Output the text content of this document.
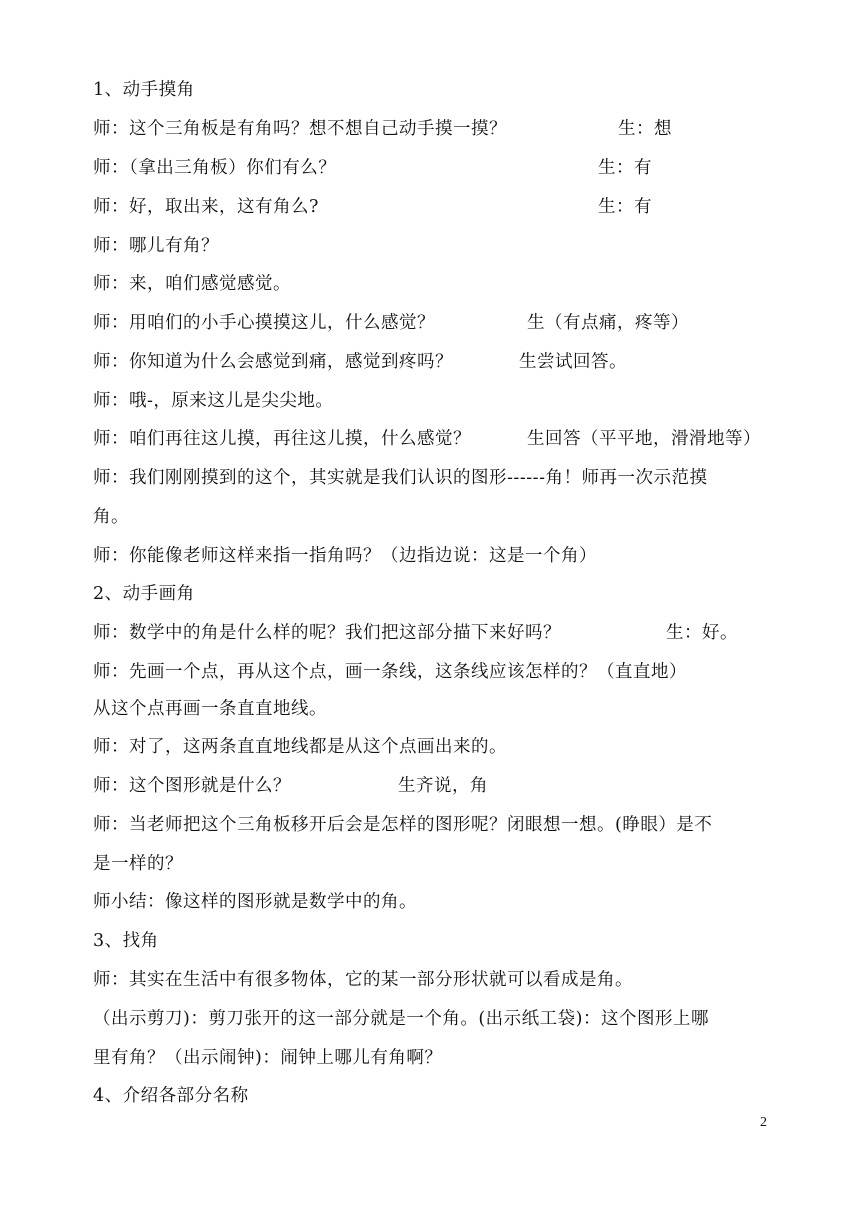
1、动手摸角
师：这个三角板是有角吗？想不想自己动手摸一摸？
师：（拿出三角板）你们有么？
师：好，取出来，这有角么?
师：哪儿有角？
师：来，咱们感觉感觉。
师：用咱们的小手心摸摸这儿，什么感觉？
师：你知道为什么会感觉到痛，感觉到疼吗？
师：哦-，原来这儿是尖尖地。
师：咱们再往这儿摸，再往这儿摸，什么感觉？
师：我们刚刚摸到的这个，其实就是我们认识的图形------角！师再一次示范摸
角。
师：你能像老师这样来指一指角吗？（边指边说：这是一个角）
2、动手画角
师：数学中的角是什么样的呢？我们把这部分描下来好吗？
师：先画一个点，再从这个点，画一条线，这条线应该怎样的？（直直地）
从这个点再画一条直直地线。
师：对了，这两条直直地线都是从这个点画出来的。
师：这个图形就是什么？
师：当老师把这个三角板移开后会是怎样的图形呢？闭眼想一想。(睁眼）是不
是一样的？
师小结：像这样的图形就是数学中的角。
3、找角
师：其实在生活中有很多物体，它的某一部分形状就可以看成是角。
（出示剪刀)：剪刀张开的这一部分就是一个角。(出示纸工袋)：这个图形上哪
里有角？（出示闹钟)：闹钟上哪儿有角啊？
4、介绍各部分名称
生：想
生：有
生：有
生（有点痛，疼等）
生尝试回答。
生回答（平平地，滑滑地等）
生：好。
生齐说，角
2
